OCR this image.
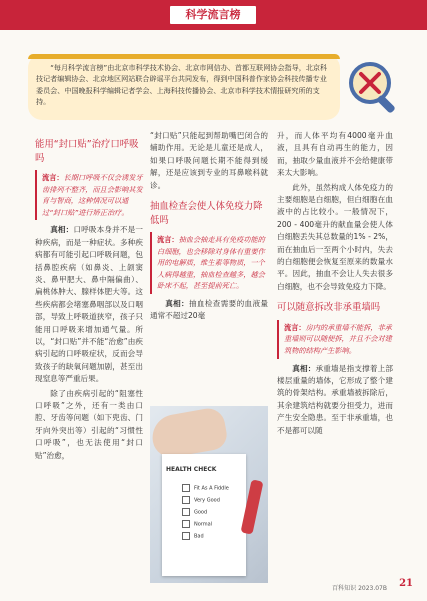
科学流言榜
“每月科学流言榜”由北京市科学技术协会、北京市网信办、首都互联网协会指导，北京科技记者编辑协会、北京地区网站联合辟谣平台共同发布，得到中国科普作家协会科技传播专业委员会、中国晚报科学编辑记者学会、上海科技传播协会、北京市科学技术情报研究所的支持。
能用“封口贴”治疗口呼吸吗
流言：长期口呼吸不仅会诱发牙齿排列不整齐，而且会影响其发育与智商，这种情况可以通过“封口贴”进行矫正治疗。

真相：口呼吸本身并不是一种疾病，而是一种症状。多种疾病都有可能引起口呼吸问题，包括鼻腔疾病（如鼻炎、上颌窦炎、鼻甲肥大、鼻中隔偏曲）、扁桃体肿大、腺样体肥大等。这些疾病都会堵塞鼻咽部以及口咽部，导致上呼吸道狭窄，孩子只能用口呼吸来增加通气量。所以，“封口贴”并不能“治愈”由疾病引起的口呼吸症状，反而会导致孩子的缺氧问题加剧，甚至出现窒息等严重后果。

除了由疾病引起的“阻塞性口呼吸”之外，还有一类由口腔、牙齿等问题（如下兜齿、门牙向外突出等）引起的“习惯性口呼吸”，也无法使用“封口贴”治愈，

“封口贴”只能起到帮助嘴巴闭合的辅助作用。无论是儿童还是成人，如果口呼吸问题长期不能得到缓解，还是应该到专业的耳鼻喉科就诊。

抽血检查会使人体免疫力降低吗
流言：抽血会抽走具有免疫功能的白细胞，也会移除对身体有重要作用的电解质，维生素等物质，一个人病得越重，抽血检查越多，越会卧床不起，甚至提前死亡。

真相：抽血检查需要的血液量通常不超过20毫

HEALTH CHECK
Fit As A Fiddle
Very Good
Good
Normal
Bad

升，而人体平均有4000毫升血液，且具有自动再生的能力，因而，抽取少量血液并不会给健康带来太大影响。

此外，虽然构成人体免疫力的主要细胞是白细胞，但白细胞在血液中的占比较小。一般情况下，200 - 400毫升的献血量会使人体白细胞丢失其总数量的1% - 2%，而在抽血后一至两个小时内，失去的白细胞便会恢复至原来的数量水平。因此，抽血不会让人失去很多白细胞，也不会导致免疫力下降。

可以随意拆改非承重墙吗
流言：房内的承重墙不能拆，非承重墙则可以随便拆，并且不会对建筑物的结构产生影响。

真相：承重墙是指支撑着上部楼层重量的墙体，它形成了整个建筑的骨架结构。承重墙被拆除后，其余建筑结构就要分担受力，进而产生安全隐患。至于非承重墙，也不是都可以随

百科知识 2023.07B 21
